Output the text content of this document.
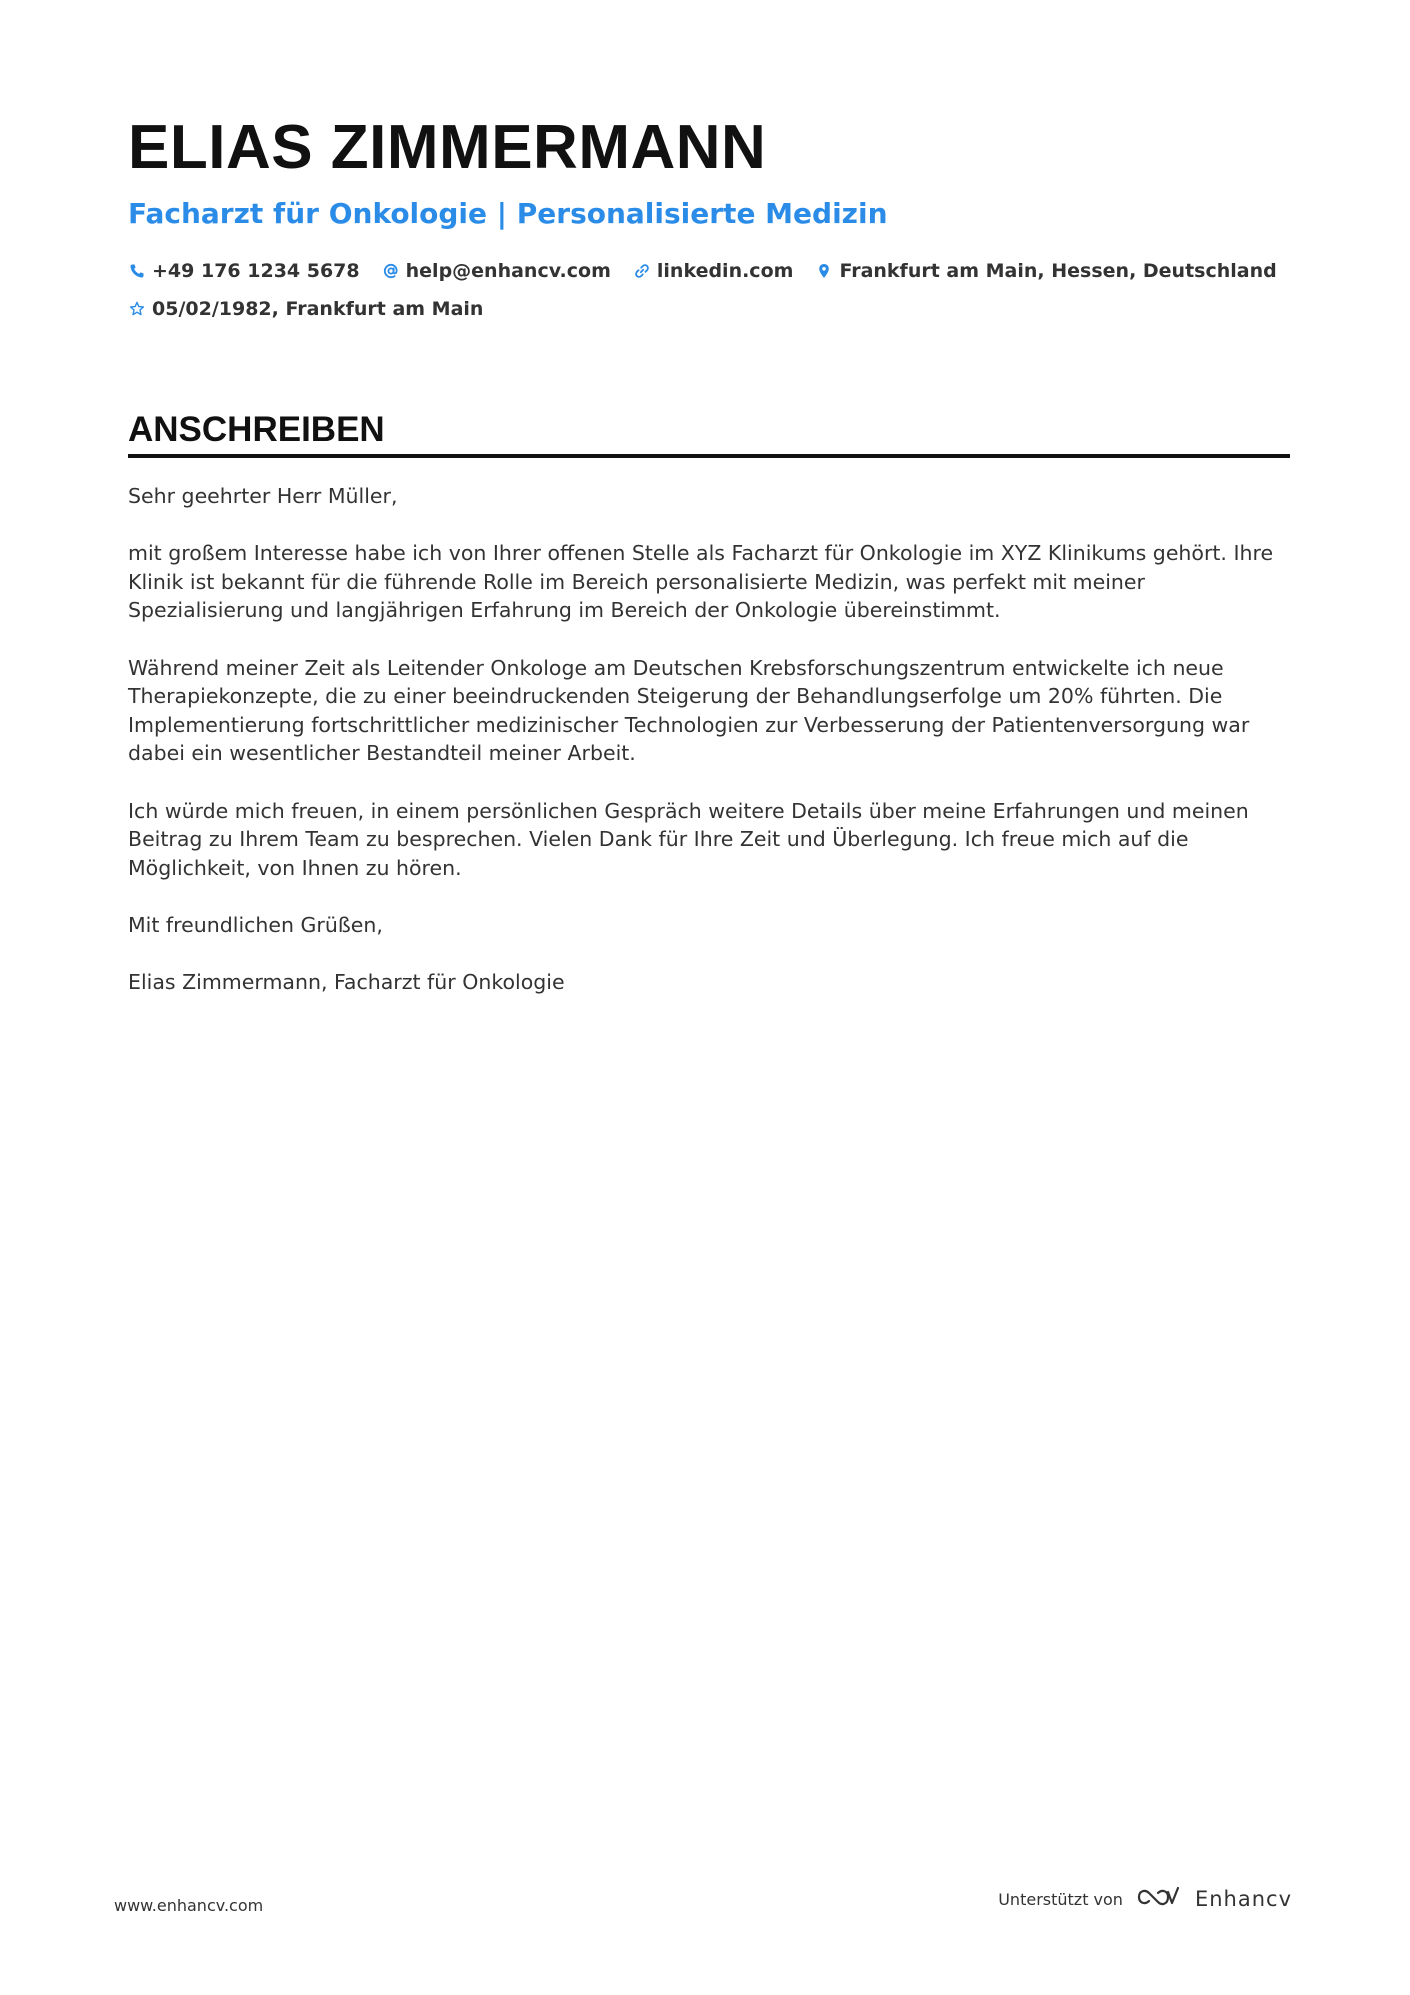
ELIAS ZIMMERMANN
Facharzt für Onkologie | Personalisierte Medizin
+49 176 1234 5678 help@enhancv.com linkedin.com Frankfurt am Main, Hessen, Deutschland
05/02/1982, Frankfurt am Main
ANSCHREIBEN

Sehr geehrter Herr Müller,

mit großem Interesse habe ich von Ihrer offenen Stelle als Facharzt für Onkologie im XYZ Klinikums gehört. Ihre Klinik ist bekannt für die führende Rolle im Bereich personalisierte Medizin, was perfekt mit meiner Spezialisierung und langjährigen Erfahrung im Bereich der Onkologie übereinstimmt.

Während meiner Zeit als Leitender Onkologe am Deutschen Krebsforschungszentrum entwickelte ich neue Therapiekonzepte, die zu einer beeindruckenden Steigerung der Behandlungserfolge um 20% führten. Die Implementierung fortschrittlicher medizinischer Technologien zur Verbesserung der Patientenversorgung war dabei ein wesentlicher Bestandteil meiner Arbeit.

Ich würde mich freuen, in einem persönlichen Gespräch weitere Details über meine Erfahrungen und meinen Beitrag zu Ihrem Team zu besprechen. Vielen Dank für Ihre Zeit und Überlegung. Ich freue mich auf die Möglichkeit, von Ihnen zu hören.

Mit freundlichen Grüßen,

Elias Zimmermann, Facharzt für Onkologie

www.enhancv.com	Unterstützt von	Enhancv
